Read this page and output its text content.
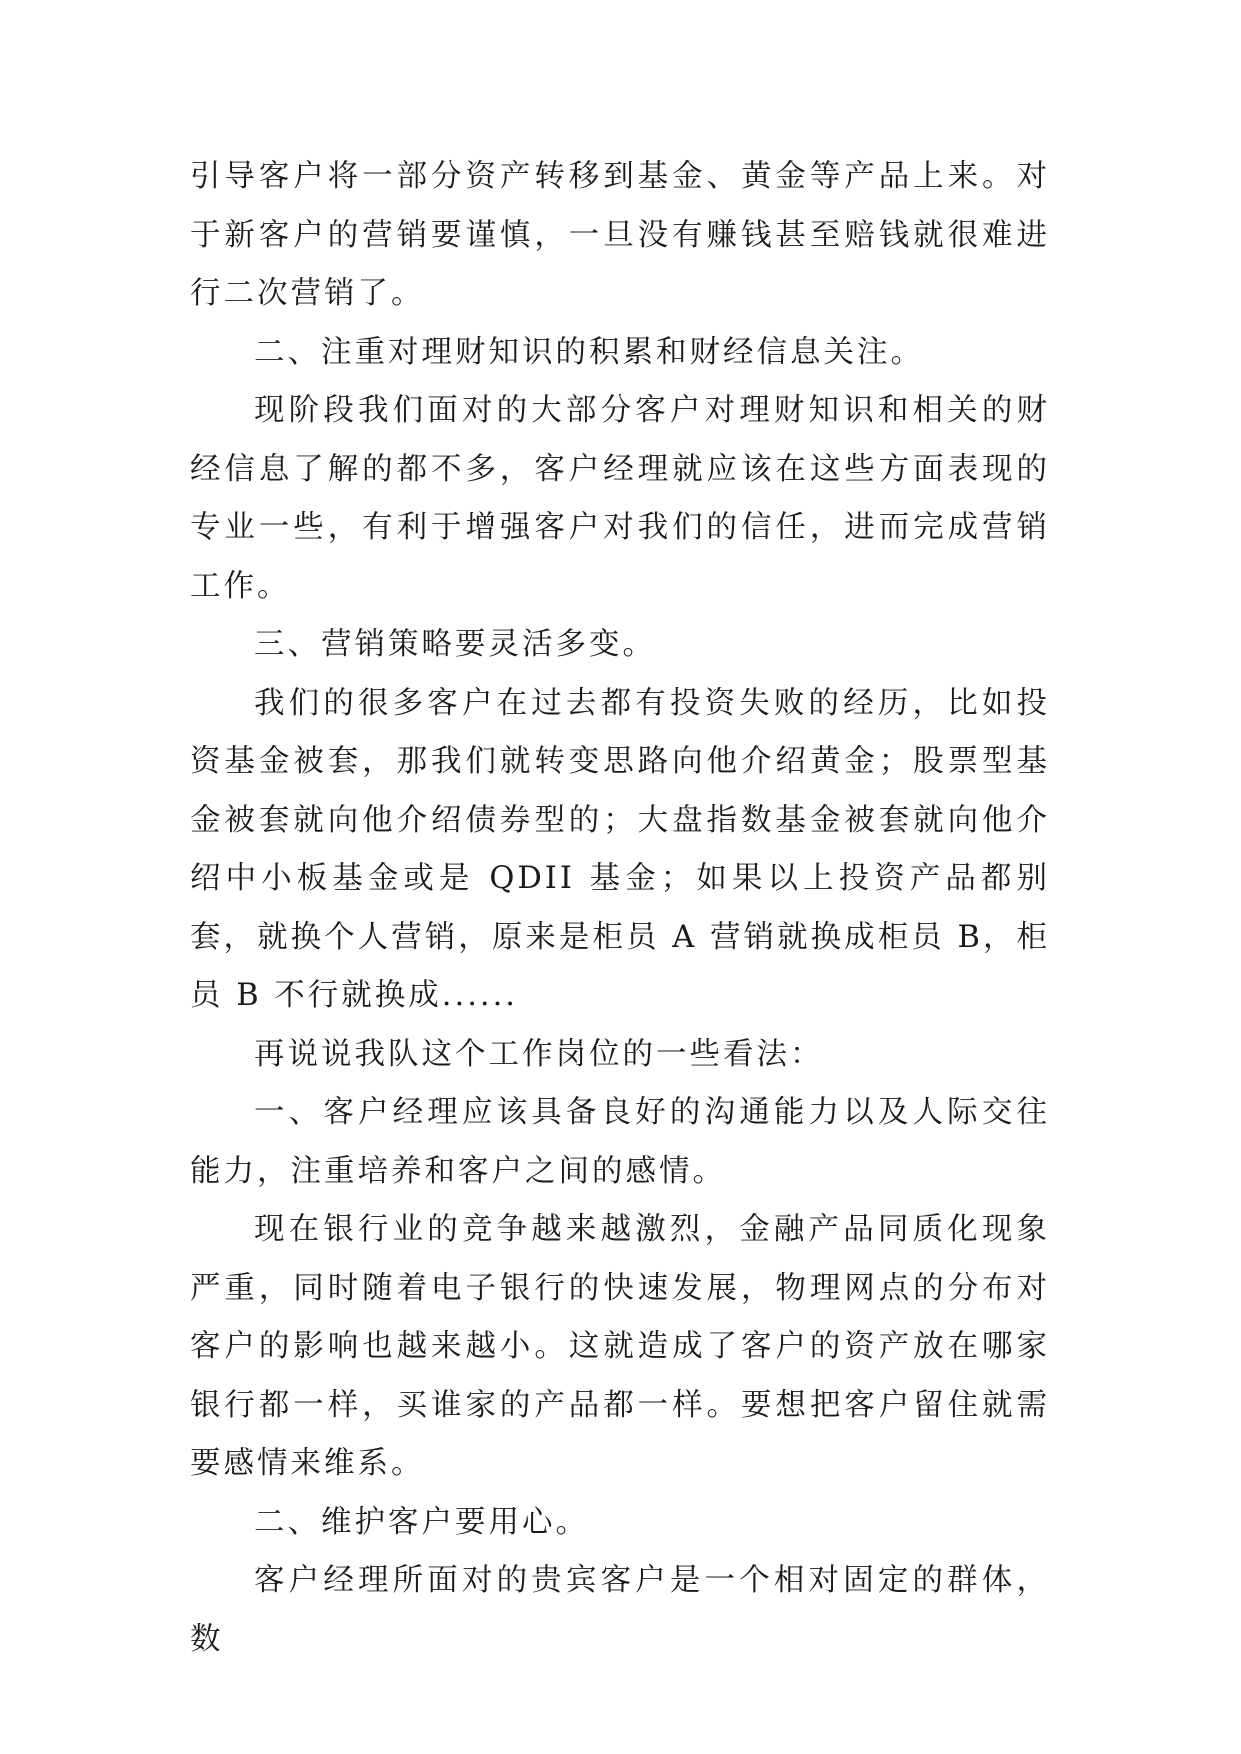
引导客户将一部分资产转移到基金、黄金等产品上来。对于新客户的营销要谨慎，一旦没有赚钱甚至赔钱就很难进行二次营销了。

二、注重对理财知识的积累和财经信息关注。

现阶段我们面对的大部分客户对理财知识和相关的财经信息了解的都不多，客户经理就应该在这些方面表现的专业一些，有利于增强客户对我们的信任，进而完成营销工作。

三、营销策略要灵活多变。

我们的很多客户在过去都有投资失败的经历，比如投资基金被套，那我们就转变思路向他介绍黄金；股票型基金被套就向他介绍债券型的；大盘指数基金被套就向他介绍中小板基金或是 QDII 基金；如果以上投资产品都别套，就换个人营销，原来是柜员 A 营销就换成柜员 B，柜员 B 不行就换成......

再说说我队这个工作岗位的一些看法：

一、客户经理应该具备良好的沟通能力以及人际交往能力，注重培养和客户之间的感情。

现在银行业的竞争越来越激烈，金融产品同质化现象严重，同时随着电子银行的快速发展，物理网点的分布对客户的影响也越来越小。这就造成了客户的资产放在哪家银行都一样，买谁家的产品都一样。要想把客户留住就需要感情来维系。

二、维护客户要用心。

客户经理所面对的贵宾客户是一个相对固定的群体，数
